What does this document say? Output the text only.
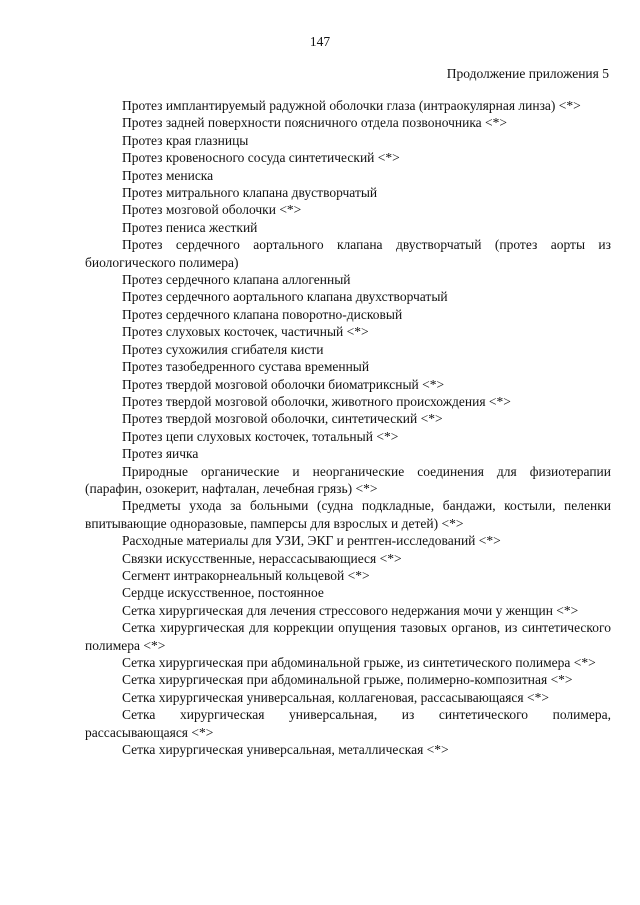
147
Продолжение приложения 5

Протез имплантируемый радужной оболочки глаза (интраокулярная линза) <*>

Протез задней поверхности поясничного отдела позвоночника <*>

Протез края глазницы

Протез кровеносного сосуда синтетический <*>

Протез мениска

Протез митрального клапана двустворчатый

Протез мозговой оболочки <*>

Протез пениса жесткий

Протез сердечного аортального клапана двустворчатый (протез аорты из биологического полимера)

Протез сердечного клапана аллогенный

Протез сердечного аортального клапана двухстворчатый

Протез сердечного клапана поворотно-дисковый

Протез слуховых косточек, частичный <*>

Протез сухожилия сгибателя кисти

Протез тазобедренного сустава временный

Протез твердой мозговой оболочки биоматриксный <*>

Протез твердой мозговой оболочки, животного происхождения <*>

Протез твердой мозговой оболочки, синтетический <*>

Протез цепи слуховых косточек, тотальный <*>

Протез яичка

Природные органические и неорганические соединения для физиотерапии (парафин, озокерит, нафталан, лечебная грязь) <*>

Предметы ухода за больными (судна подкладные, бандажи, костыли, пеленки впитывающие одноразовые, памперсы для взрослых и детей) <*>

Расходные материалы для УЗИ, ЭКГ и рентген-исследований <*>

Связки искусственные, нерассасывающиеся <*>

Сегмент интракорнеальный кольцевой <*>

Сердце искусственное, постоянное

Сетка хирургическая для лечения стрессового недержания мочи у женщин <*>

Сетка хирургическая для коррекции опущения тазовых органов, из синтетического полимера <*>

Сетка хирургическая при абдоминальной грыже, из синтетического полимера <*>

Сетка хирургическая при абдоминальной грыже, полимерно-композитная <*>

Сетка хирургическая универсальная, коллагеновая, рассасывающаяся <*>

Сетка хирургическая универсальная, из синтетического полимера, рассасывающаяся <*>

Сетка хирургическая универсальная, металлическая <*>
